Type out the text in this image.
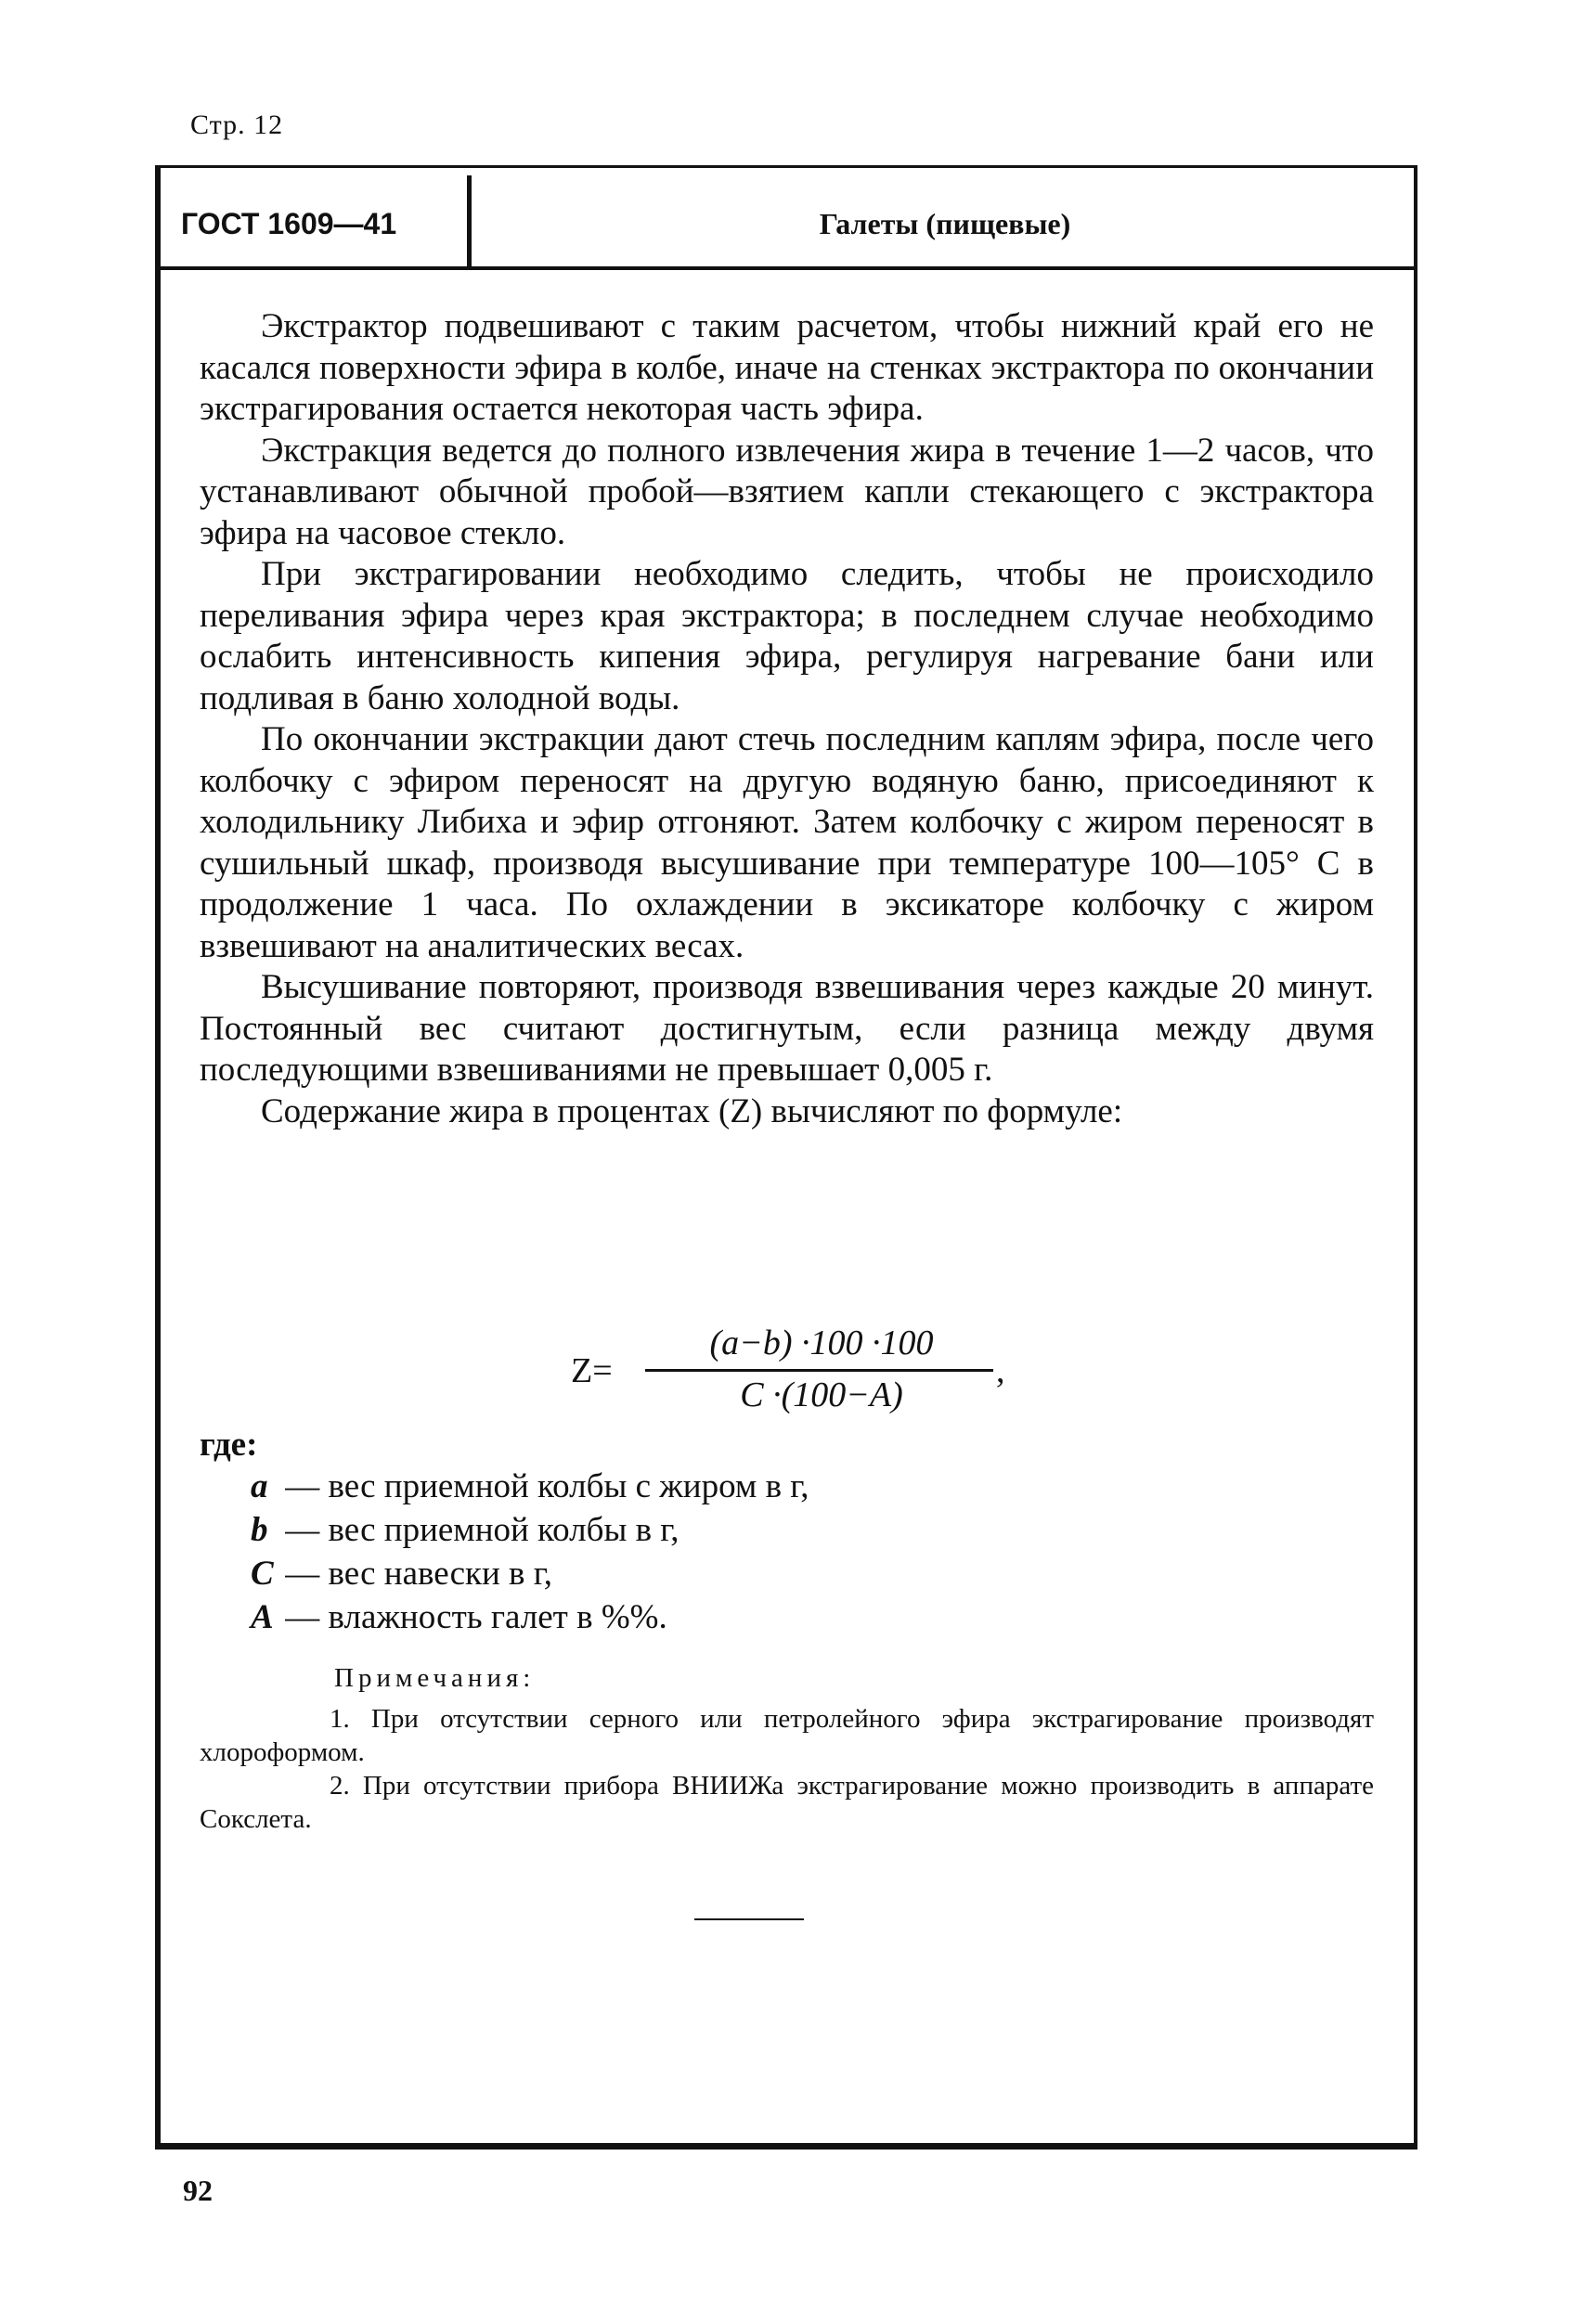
Стр. 12
ГОСТ 1609—41	Галеты (пищевые)

Экстрактор подвешивают с таким расчетом, чтобы нижний край его не касался поверхности эфира в колбе, иначе на стенках экстрактора по окончании экстрагирования остается некоторая часть эфира.

Экстракция ведется до полного извлечения жира в течение 1—2 часов, что устанавливают обычной пробой—взятием капли стекающего с экстрактора эфира на часовое стекло.

При экстрагировании необходимо следить, чтобы не происходило переливания эфира через края экстрактора; в последнем случае необходимо ослабить интенсивность кипения эфира, регулируя нагревание бани или подливая в баню холодной воды.

По окончании экстракции дают стечь последним каплям эфира, после чего колбочку с эфиром переносят на другую водяную баню, присоединяют к холодильнику Либиха и эфир отгоняют. Затем колбочку с жиром переносят в сушильный шкаф, производя высушивание при температуре 100—105° С в продолжение 1 часа. По охлаждении в эксикаторе колбочку с жиром взвешивают на аналитических весах.

Высушивание повторяют, производя взвешивания через каждые 20 минут. Постоянный вес считают достигнутым, если разница между двумя последующими взвешиваниями не превышает 0,005 г.

Содержание жира в процентах (Z) вычисляют по формуле:

Z=
(a−b) ·100 ·100
C ·(100−A)
,
где:
a — вес приемной колбы с жиром в г,
b — вес приемной колбы в г,
C — вес навески в г,
A — влажность галет в %%.
Примечания:

1. При отсутствии серного или петролейного эфира экстрагирование производят хлороформом.

2. При отсутствии прибора ВНИИЖа экстрагирование можно производить в аппарате Сокслета.

92
